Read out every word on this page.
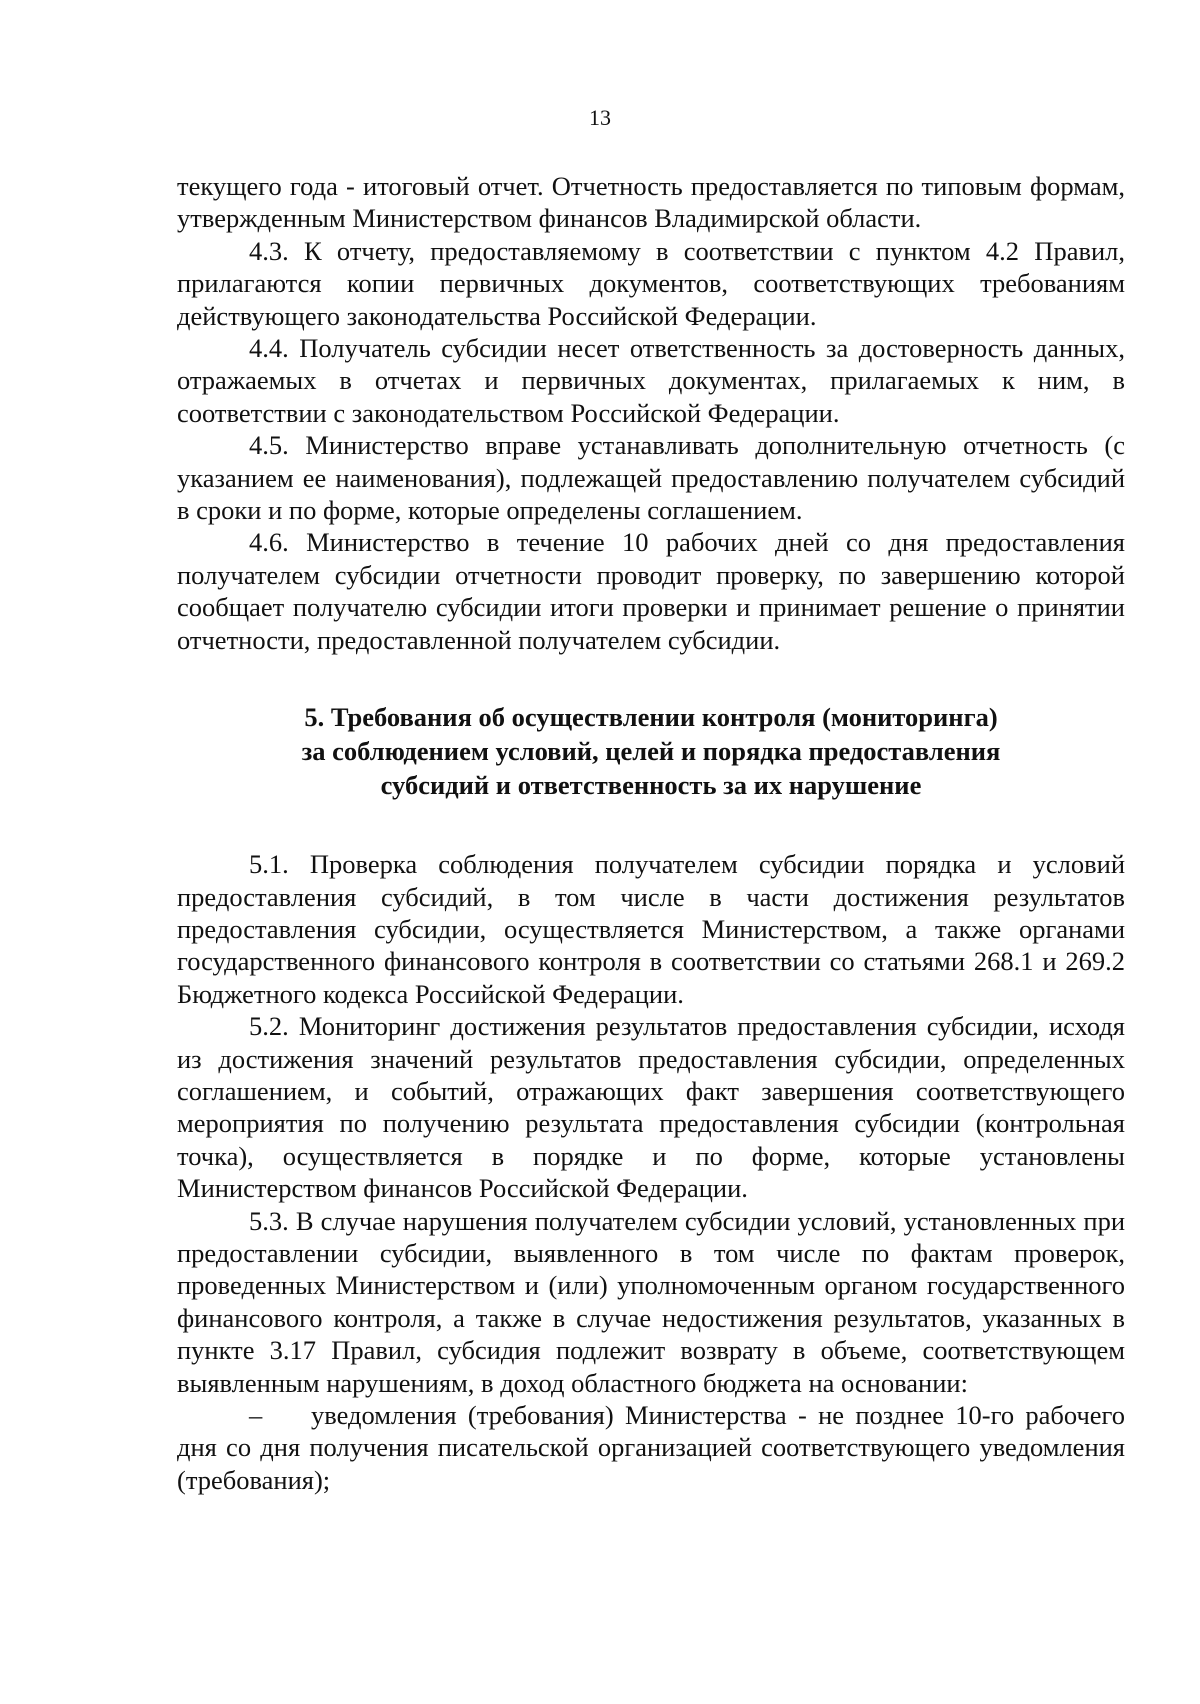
13

текущего года - итоговый отчет. Отчетность предоставляется по типовым формам, утвержденным Министерством финансов Владимирской области.

4.3. К отчету, предоставляемому в соответствии с пунктом 4.2 Правил, прилагаются копии первичных документов, соответствующих требованиям действующего законодательства Российской Федерации.

4.4. Получатель субсидии несет ответственность за достоверность данных, отражаемых в отчетах и первичных документах, прилагаемых к ним, в соответствии с законодательством Российской Федерации.

4.5. Министерство вправе устанавливать дополнительную отчетность (с указанием ее наименования), подлежащей предоставлению получателем субсидий в сроки и по форме, которые определены соглашением.

4.6. Министерство в течение 10 рабочих дней со дня предоставления получателем субсидии отчетности проводит проверку, по завершению которой сообщает получателю субсидии итоги проверки и принимает решение о принятии отчетности, предоставленной получателем субсидии.

5. Требования об осуществлении контроля (мониторинга)
за соблюдением условий, целей и порядка предоставления
субсидий и ответственность за их нарушение

5.1. Проверка соблюдения получателем субсидии порядка и условий предоставления субсидий, в том числе в части достижения результатов предоставления субсидии, осуществляется Министерством, а также органами государственного финансового контроля в соответствии со статьями 268.1 и 269.2 Бюджетного кодекса Российской Федерации.

5.2. Мониторинг достижения результатов предоставления субсидии, исходя из достижения значений результатов предоставления субсидии, определенных соглашением, и событий, отражающих факт завершения соответствующего мероприятия по получению результата предоставления субсидии (контрольная точка), осуществляется в порядке и по форме, которые установлены Министерством финансов Российской Федерации.

5.3. В случае нарушения получателем субсидии условий, установленных при предоставлении субсидии, выявленного в том числе по фактам проверок, проведенных Министерством и (или) уполномоченным органом государственного финансового контроля, а также в случае недостижения результатов, указанных в пункте 3.17 Правил, субсидия подлежит возврату в объеме, соответствующем выявленным нарушениям, в доход областного бюджета на основании:

– уведомления (требования) Министерства - не позднее 10-го рабочего дня со дня получения писательской организацией соответствующего уведомления (требования);
